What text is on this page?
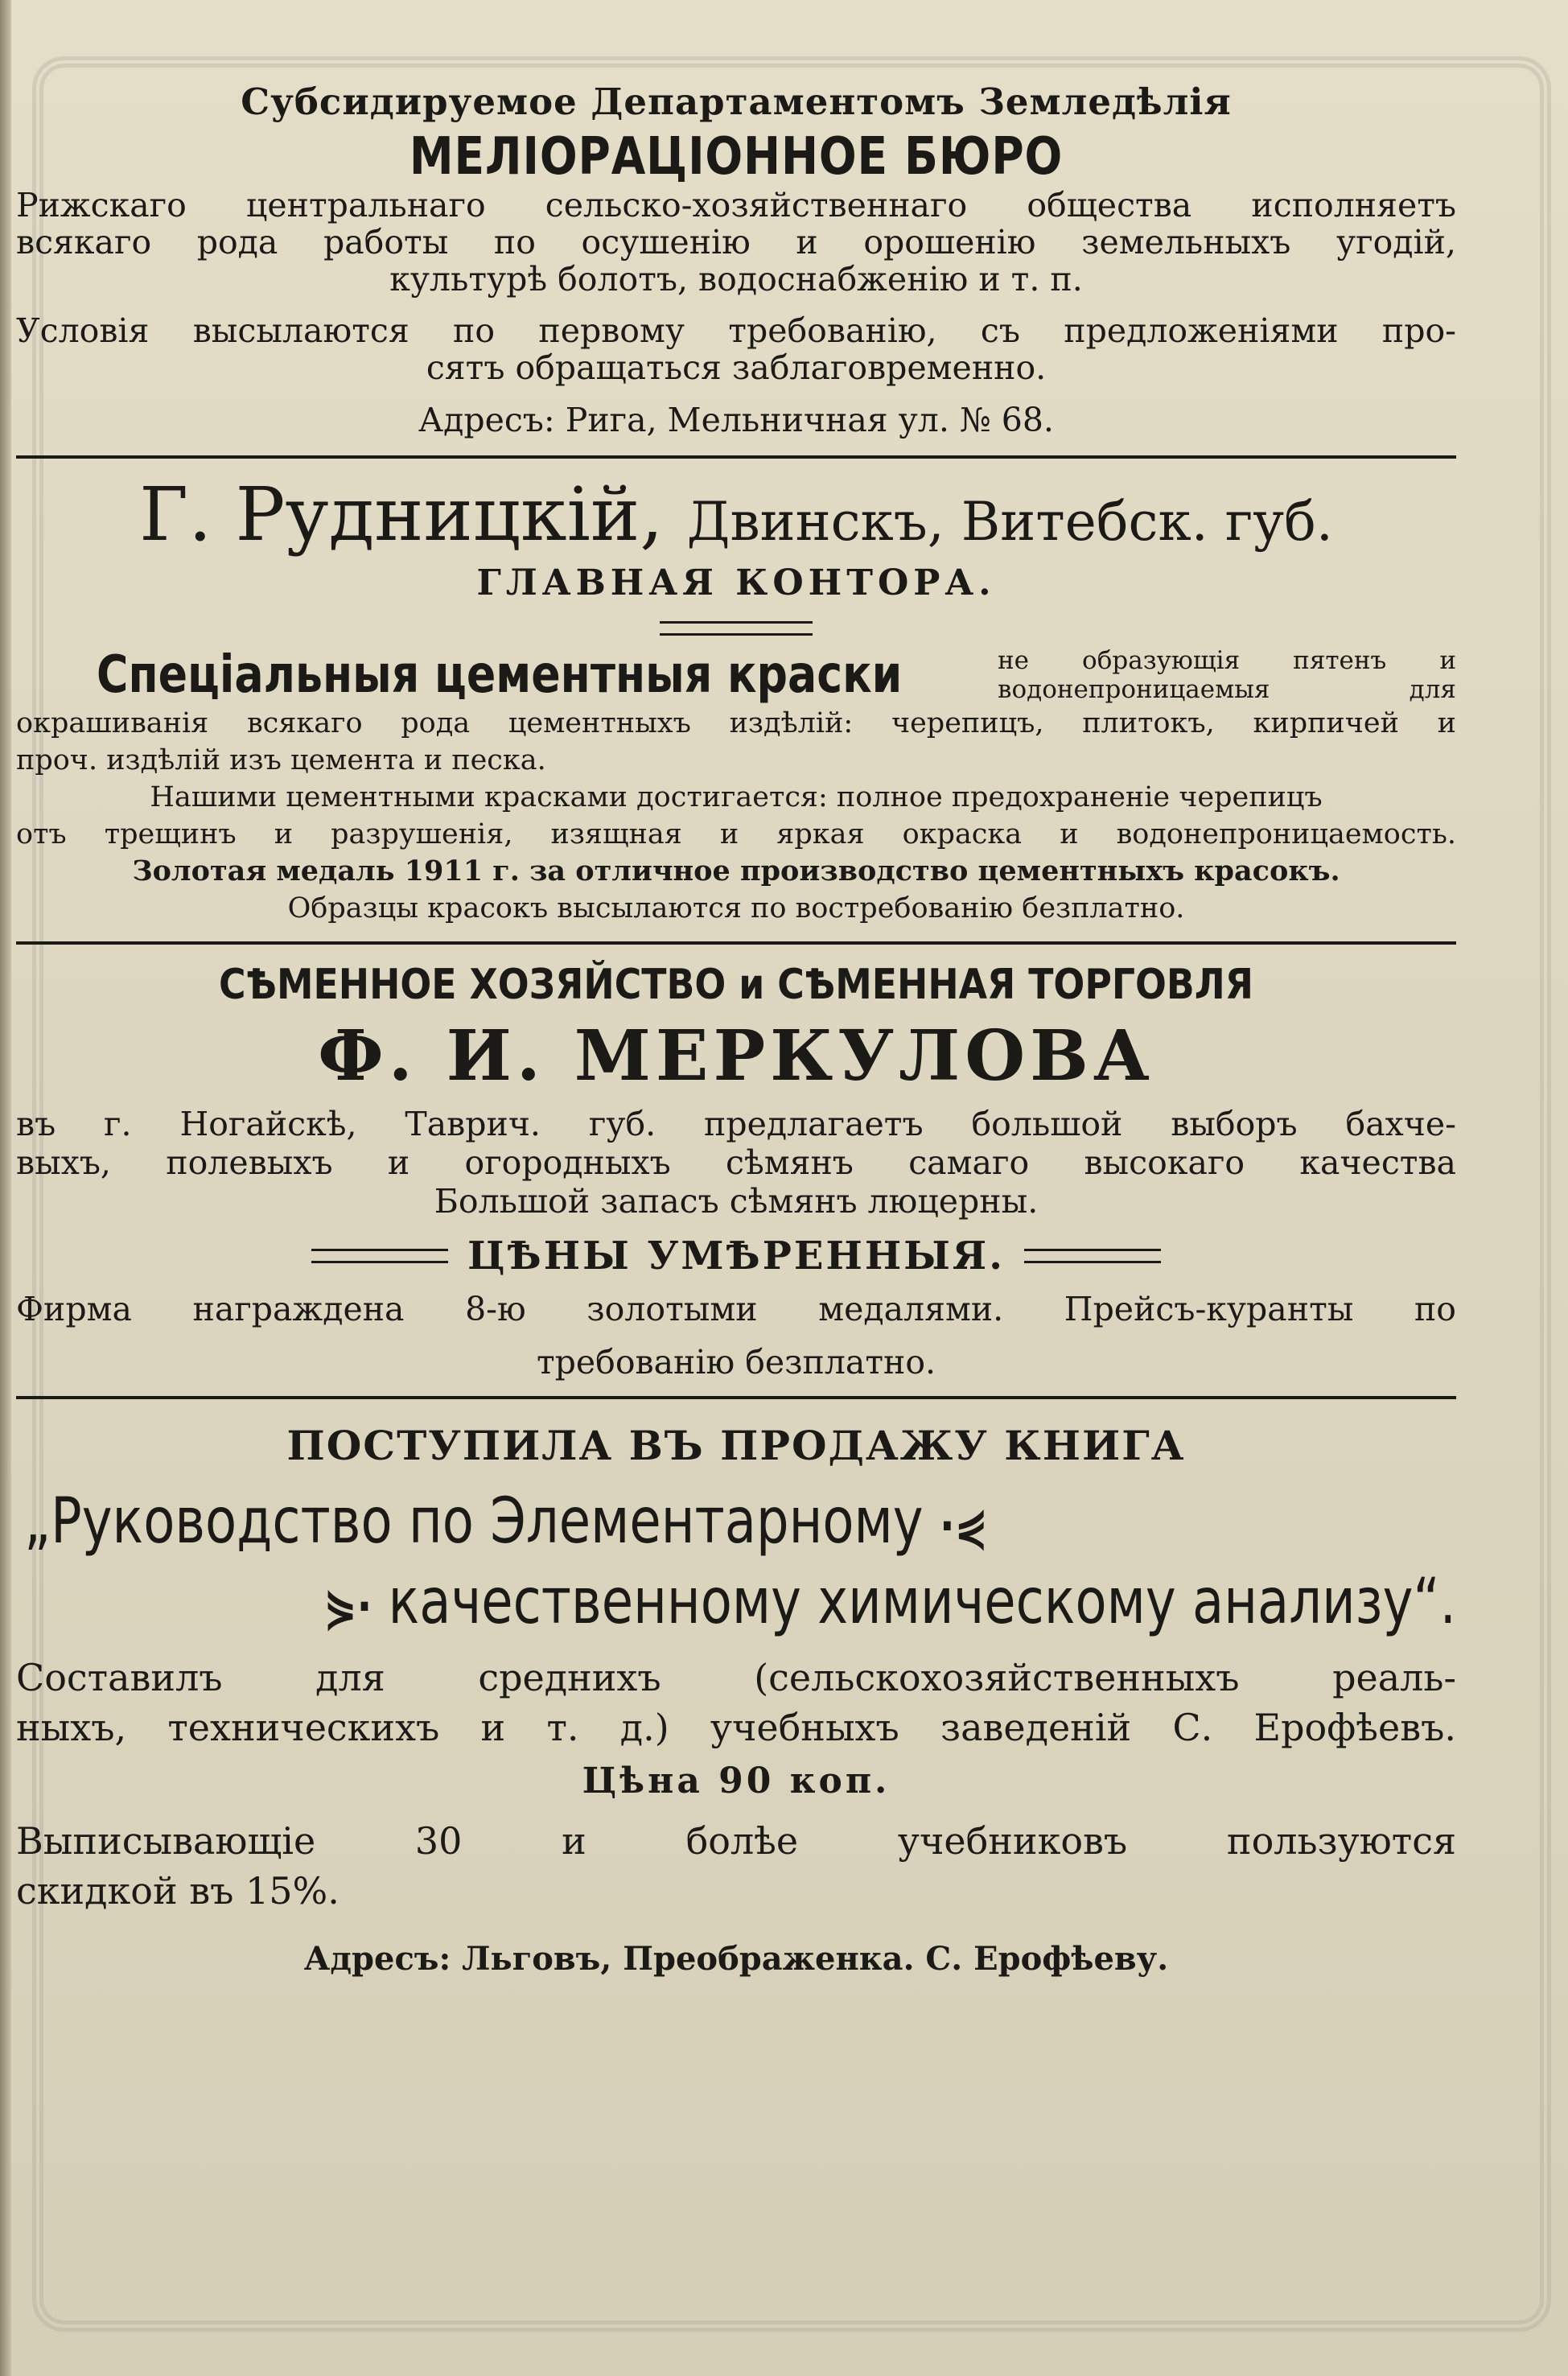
Субсидируемое Департаментомъ Земледѣлія
МЕЛІОРАЦІОННОЕ БЮРО
Рижскаго центральнаго сельско-хозяйственнаго общества исполняетъ
всякаго рода работы по осушенію и орошенію земельныхъ угодій,
культурѣ болотъ, водоснабженію и т. п.
Условія высылаются по первому требованію, съ предложеніями про-
сятъ обращаться заблаговременно.
Адресъ: Рига, Мельничная ул. № 68.
Г. Рудницкій, Двинскъ, Витебск. губ.
ГЛАВНАЯ КОНТОРА.
Спеціальныя цементныя краски	не образующія пятенъ и
водонепроницаемыя для
окрашиванія всякаго рода цементныхъ издѣлій: черепицъ, плитокъ, кирпичей и
проч. издѣлій изъ цемента и песка.
Нашими цементными красками достигается: полное предохраненіе черепицъ
отъ трещинъ и разрушенія, изящная и яркая окраска и водонепроницаемость.
Золотая медаль 1911 г. за отличное производство цементныхъ красокъ.
Образцы красокъ высылаются по востребованію безплатно.
СѢМЕННОЕ ХОЗЯЙСТВО и СѢМЕННАЯ ТОРГОВЛЯ
Ф. И. МЕРКУЛОВА
въ г. Ногайскѣ, Таврич. губ. предлагаетъ большой выборъ бахче-
выхъ, полевыхъ и огородныхъ сѣмянъ самаго высокаго качества
Большой запасъ сѣмянъ люцерны.
ЦѢНЫ УМѢРЕННЫЯ.
Фирма награждена 8-ю золотыми медалями. Прейсъ-куранты по
требованію безплатно.
ПОСТУПИЛА ВЪ ПРОДАЖУ КНИГА
„Руководство по Элементарному ·⋞
⋟· качественному химическому анализу“.
Составилъ для среднихъ (сельскохозяйственныхъ реаль-
ныхъ, техническихъ и т. д.) учебныхъ заведеній С. Ерофѣевъ.
Цѣна 90 коп.
Выписывающіе 30 и болѣе учебниковъ пользуются
скидкой въ 15%.
Адресъ: Льговъ, Преображенка. С. Ерофѣеву.
